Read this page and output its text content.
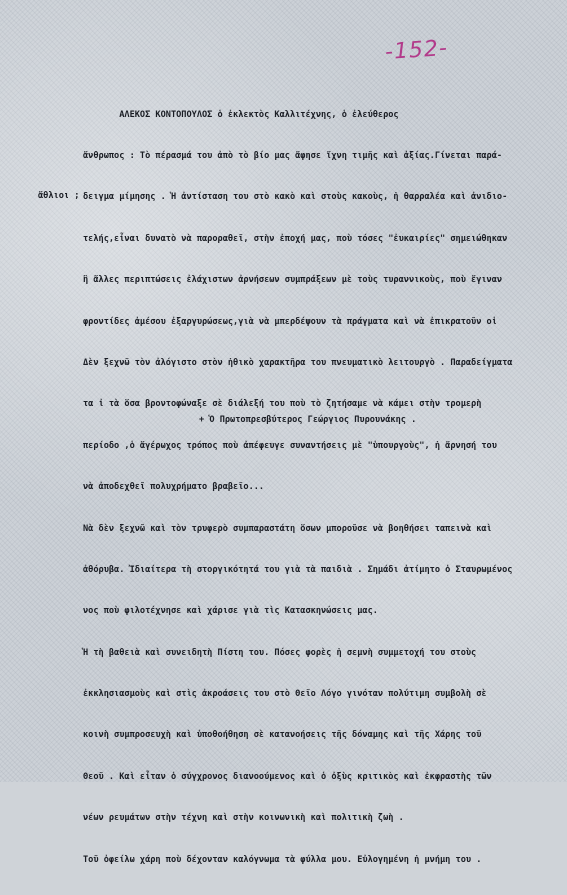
-152-
ἄθλιοι ;

ΑΛΕΚΟΣ ΚΟΝΤΟΠΟΥΛΟΣ ὁ ἐκλεκτὸς Καλλιτέχνης, ὁ ἐλεύθερος

ἄνθρωπος : Τὸ πέρασμά του ἀπὸ τὸ βίο μας ἄφησε ἴχνη τιμῆς καὶ ἀξίας.Γίνεται παρά-

δειγμα μίμησης . Ἡ ἀντίσταση του στὸ κακὸ καὶ στοὺς κακοὺς, ἡ θαρραλέα καὶ ἀνιδιο-

τελής,εἶναι δυνατὸ νὰ παροραθεῖ, στὴν ἐποχή μας, ποὺ τόσες "ἐυκαιρίες" σημειώθηκαν

ἢ ἄλλες περιπτώσεις ἐλάχιστων ἀρνήσεων συμπράξεων μὲ τοὺς τυραννικοὺς, ποὺ ἔγιναν

φροντίδες ἀμέσου ἐξαργυρώσεως,γιὰ νὰ μπερδέψουν τὰ πράγματα καὶ νὰ ἐπικρατοῦν οἱ

Δὲν ξεχνῶ τὸν ἀλόγιστο στὸν ἠθικὸ χαρακτῆρα του πνευματικὸ λειτουργὸ . Παραδείγματα

τα ἰ τὰ ὅσα βροντοφώναξε σὲ διάλεξή του ποὺ τὸ ζητήσαμε νὰ κάμει στὴν τρομερὴ

περίοδο ,ὁ ἄγέρωχος τρόπος ποὺ ἀπέφευγε συναντήσεις μὲ "ὑπουργοὺς", ἡ ἄρνησή του

νὰ ἀποδεχθεῖ πολυχρήματο βραβεῖο...

Νὰ δὲν ξεχνῶ καὶ τὸν τρυφερὸ συμπαραστάτη ὅσων μποροῦσε νὰ βοηθήσει ταπεινὰ καὶ

ἀθόρυβα. Ἰδιαίτερα τὴ στοργικότητά του γιὰ τὰ παιδιὰ . Σημάδι ἀτίμητο ὁ Σταυρωμένος

νος ποὺ φιλοτέχνησε καὶ χάρισε γιὰ τὶς Κατασκηνώσεις μας.

Ἡ τὴ βαθειὰ καὶ συνειδητὴ Πίστη του. Πόσες φορὲς ἡ σεμνὴ συμμετοχή του στοὺς

ἐκκλησιασμοὺς καὶ στὶς ἀκροάσεις του στὸ Θεῖο Λόγο γινόταν πολύτιμη συμβολὴ σὲ

κοινὴ συμπροσευχὴ καὶ ὑποθοήθηση σὲ κατανοήσεις τῆς δόναμης καὶ τῆς Χάρης τοῦ

Θεοῦ . Καὶ εἶταν ὁ σύγχρονος διανοούμενος καὶ ὁ ὀξὺς κριτικὸς καὶ ἐκφραστὴς τῶν

νέων ρευμάτων στὴν τέχνη καὶ στὴν κοινωνικὴ καὶ πολιτικὴ ζωὴ .

Τοῦ ὀφείλω χάρη ποὺ δέχονταν καλόγνωμα τὰ φύλλα μου. Εὐλογημένη ἡ μνήμη του .

+ Ὁ Πρωτοπρεσβύτερος Γεώργιος Πυρουνάκης .
